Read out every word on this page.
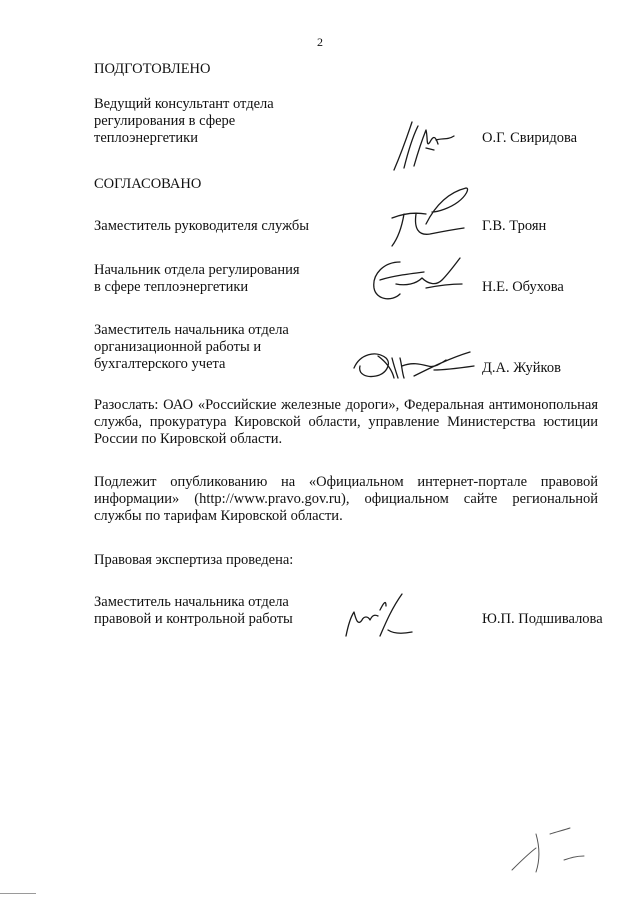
2
ПОДГОТОВЛЕНО
Ведущий консультант отдела
регулирования в сфере
теплоэнергетики	О.Г. Свиридова
СОГЛАСОВАНО
Заместитель руководителя службы	Г.В. Троян
Начальник отдела регулирования
в сфере теплоэнергетики	Н.Е. Обухова
Заместитель начальника отдела
организационной работы и
бухгалтерского учета	Д.А. Жуйков
Разослать: ОАО «Российские железные дороги», Федеральная антимонопольная служба, прокуратура Кировской области, управление Министерства юстиции России по Кировской области.
Подлежит опубликованию на «Официальном интернет-портале правовой информации» (http://www.pravo.gov.ru), официальном сайте региональной службы по тарифам Кировской области.
Правовая экспертиза проведена:
Заместитель начальника отдела
правовой и контрольной работы	Ю.П. Подшивалова
